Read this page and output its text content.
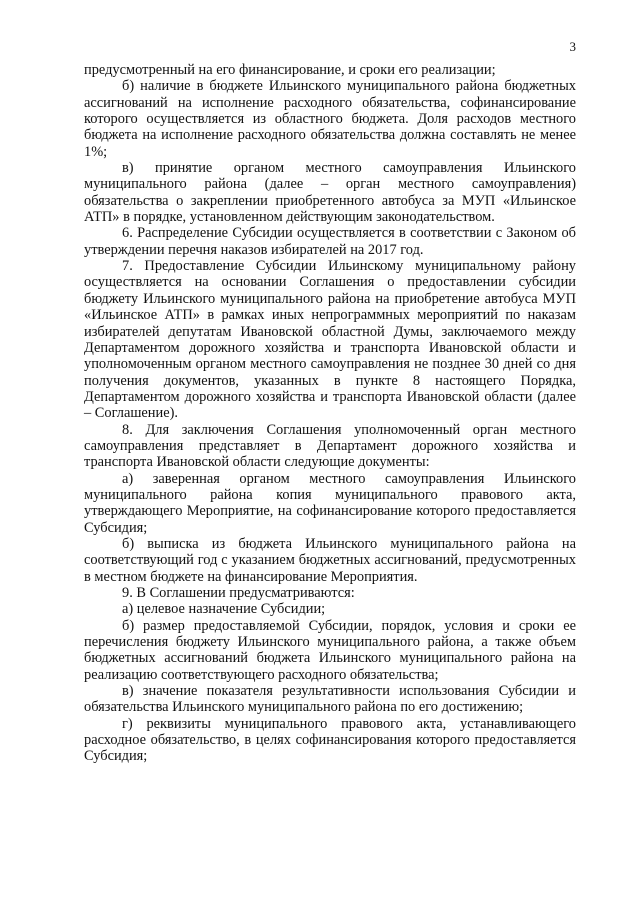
3

предусмотренный на его финансирование, и сроки его реализации;

б) наличие в бюджете Ильинского муниципального района бюджетных ассигнований на исполнение расходного обязательства, софинансирование которого осуществляется из областного бюджета. Доля расходов местного бюджета на исполнение расходного обязательства должна составлять не менее 1%;

в) принятие органом местного самоуправления Ильинского муниципального района (далее – орган местного самоуправления) обязательства о закреплении приобретенного автобуса за МУП «Ильинское АТП» в порядке, установленном действующим законодательством.

6. Распределение Субсидии осуществляется в соответствии с Законом об утверждении перечня наказов избирателей на 2017 год.

7. Предоставление Субсидии Ильинскому муниципальному району осуществляется на основании Соглашения о предоставлении субсидии бюджету Ильинского муниципального района на приобретение автобуса МУП «Ильинское АТП» в рамках иных непрограммных мероприятий по наказам избирателей депутатам Ивановской областной Думы, заключаемого между Департаментом дорожного хозяйства и транспорта Ивановской области и уполномоченным органом местного самоуправления не позднее 30 дней со дня получения документов, указанных в пункте 8 настоящего Порядка, Департаментом дорожного хозяйства и транспорта Ивановской области (далее – Соглашение).

8. Для заключения Соглашения уполномоченный орган местного самоуправления представляет в Департамент дорожного хозяйства и транспорта Ивановской области следующие документы:

а) заверенная органом местного самоуправления Ильинского муниципального района копия муниципального правового акта, утверждающего Мероприятие, на софинансирование которого предоставляется Субсидия;

б) выписка из бюджета Ильинского муниципального района на соответствующий год с указанием бюджетных ассигнований, предусмотренных в местном бюджете на финансирование Мероприятия.

9. В Соглашении предусматриваются:

а) целевое назначение Субсидии;

б) размер предоставляемой Субсидии, порядок, условия и сроки ее перечисления бюджету Ильинского муниципального района, а также объем бюджетных ассигнований бюджета Ильинского муниципального района на реализацию соответствующего расходного обязательства;

в) значение показателя результативности использования Субсидии и обязательства Ильинского муниципального района по его достижению;

г) реквизиты муниципального правового акта, устанавливающего расходное обязательство, в целях софинансирования которого предоставляется Субсидия;
